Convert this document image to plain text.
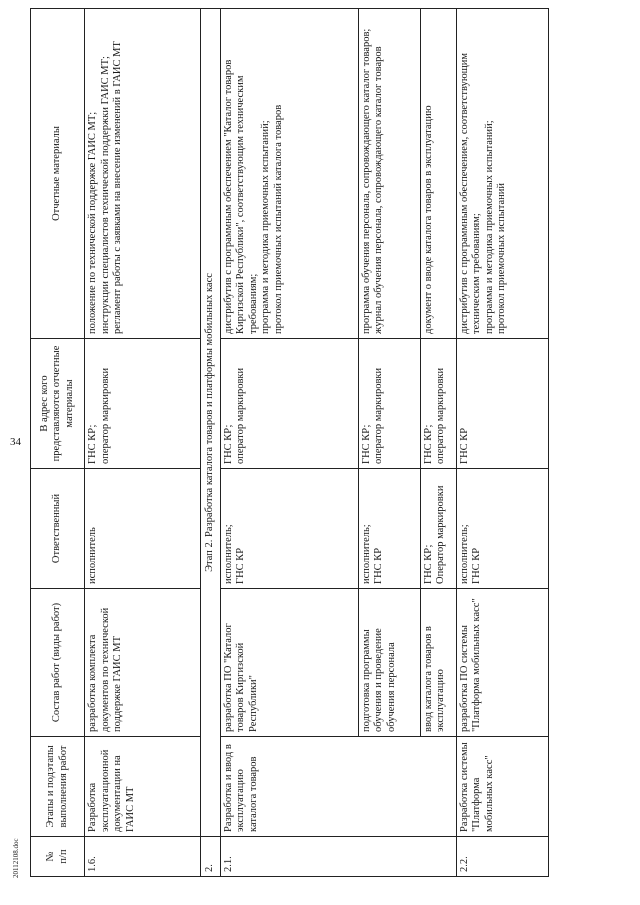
34
20112108.doc №
п/п	Этапы и подэтапы выполнения работ	Состав работ (виды работ)	Ответственный	В адрес кого представляются отчетные материалы	Отчетные материалы
1.6.	Разработка эксплуатационной документации на ГАИС МТ	разработка комплекта документов по технической поддержке ГАИС МТ	исполнитель	ГНС КР;
оператор маркировки	положение по технической поддержке ГАИС МТ;
инструкции специалистов технической поддержки ГАИС МТ;
регламент работы с заявками на внесение изменений в ГАИС МТ
2.	Этап 2. Разработка каталога товаров и платформы мобильных касс				
2.1.	Разработка и ввод в эксплуатацию каталога товаров	разработка ПО "Каталог товаров Киргизской Республики"	исполнитель;
ГНС КР	ГНС КР;
оператор маркировки	дистрибутив с программным обеспечением "Каталог товаров Киргизской Республики", соответствующим техническим требованиям;
программа и методика приемочных испытаний;
протокол приемочных испытаний каталога товаров
		подготовка программы обучения и проведение обучения персонала	исполнитель;
ГНС КР	ГНС КР;
оператор маркировки	программа обучения персонала, сопровождающего каталог товаров;
журнал обучения персонала, сопровождающего каталог товаров
		ввод каталога товаров в эксплуатацию	ГНС КР;
Оператор маркировки	ГНС КР;
оператор маркировки	документ о вводе каталога товаров в эксплуатацию
2.2.	Разработка системы "Платформа мобильных касс"	разработка ПО системы "Платформа мобильных касс"	исполнитель;
ГНС КР	ГНС КР	дистрибутив с программным обеспечением, соответствующим техническим требованиям;
программа и методика приемочных испытаний;
протокол приемочных испытаний
